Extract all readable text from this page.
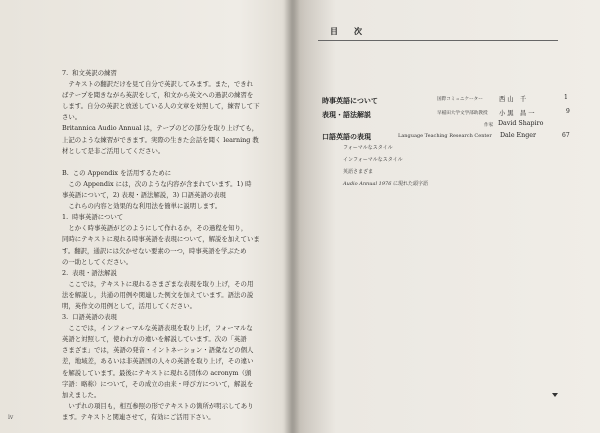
7.  和文英訳の練習
　テキストの翻訳だけを見て自分で英訳してみます。また，できれ
ばテープを聞きながら英訳をして，和文から英文への過訳の練習を
します。自分の英訳と放送している人の文章を対照して，練習して下
さい。
Britannica Audio Annual は，テープのどの部分を取り上げても，
上記のような練習ができます。実際の生きた会話を聞く learning 教
材として是非ご活用してください。
B.  この Appendix を活用するために
　この Appendix には，次のような内容が含まれています。1) 時
事英語について，2) 表現・語法解説，3) 口語英語の表現
　これらの内容と効果的な利用法を簡単に説明します。
1.  時事英語について
　とかく時事英語がどのようにして作れるか，その過程を知り，
同時にテキストに現れる時事英語を表現について，解説を加えていま
す。翻訳，通訳には欠かせない要素の一つ，時事英語を学ぶため
の一助としてください。
2.  表現・語法解説
　ここでは，テキストに現れるさまざまな表現を取り上げ，その用
法を解説し，共通の用例や関連した例文を加えています。語法の説
明，英作文の用例として，活用してください。
3.  口語英語の表現
　ここでは，インフォーマルな英語表現を取り上げ，フォーマルな
英語と対照して，使われ方の違いを解説しています。次の「英語
さまざま」では，英語の発音・イントネーション・語彙などの個人
差，地域差，あるいは非英語国の人々の英語を取り上げ，その違い
を解説しています。最後にテキストに現れる団体の acronym（頭
字語：略称）について，その成立の由来・呼び方について，解説を
加えました。
　いずれの項目も，相互参照の形でテキストの箇所が明示してあり
ます。テキストと関連させて，有効にご活用下さい。
iv
目　次
時事英語について	国際コミュニケーター	西 山　千	1
表現・語法解説	早稲田大学文学部助教授 小 黒　昌 一	9
作家 David Shapiro
口語英語の表現	Language Teaching Research Center Dale Enger	67
フォーマルなスタイル
インフォーマルなスタイル
英語さまざま
Audio Annual 1976 に現れた頭字語
